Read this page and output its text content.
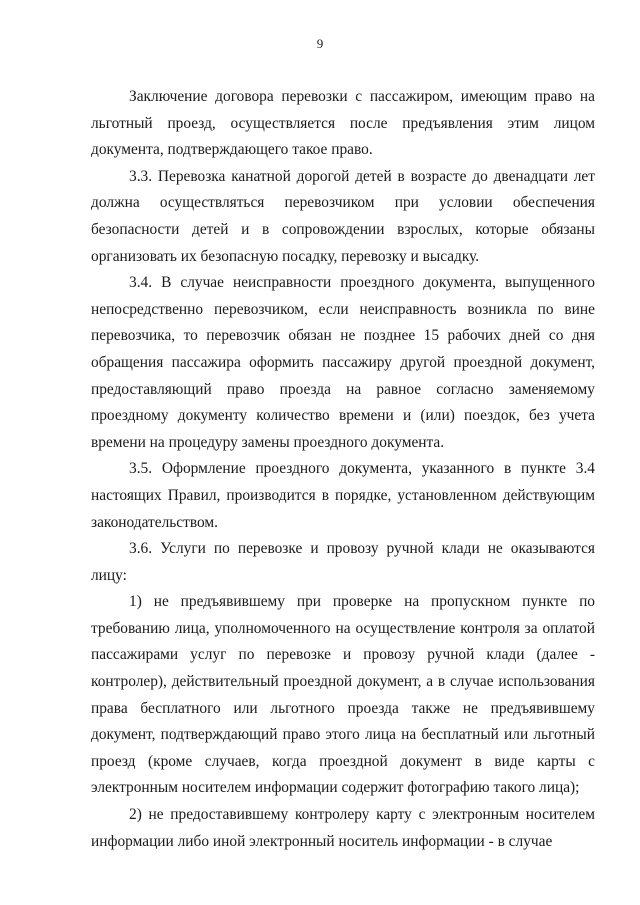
9

Заключение договора перевозки с пассажиром, имеющим право на льготный проезд, осуществляется после предъявления этим лицом документа, подтверждающего такое право.

3.3. Перевозка канатной дорогой детей в возрасте до двенадцати лет должна осуществляться перевозчиком при условии обеспечения безопасности детей и в сопровождении взрослых, которые обязаны организовать их безопасную посадку, перевозку и высадку.

3.4. В случае неисправности проездного документа, выпущенного непосредственно перевозчиком, если неисправность возникла по вине перевозчика, то перевозчик обязан не позднее 15 рабочих дней со дня обращения пассажира оформить пассажиру другой проездной документ, предоставляющий право проезда на равное согласно заменяемому проездному документу количество времени и (или) поездок, без учета времени на процедуру замены проездного документа.

3.5. Оформление проездного документа, указанного в пункте 3.4 настоящих Правил, производится в порядке, установленном действующим законодательством.

3.6. Услуги по перевозке и провозу ручной клади не оказываются лицу:

1) не предъявившему при проверке на пропускном пункте по требованию лица, уполномоченного на осуществление контроля за оплатой пассажирами услуг по перевозке и провозу ручной клади (далее - контролер), действительный проездной документ, а в случае использования права бесплатного или льготного проезда также не предъявившему документ, подтверждающий право этого лица на бесплатный или льготный проезд (кроме случаев, когда проездной документ в виде карты с электронным носителем информации содержит фотографию такого лица);

2) не предоставившему контролеру карту с электронным носителем информации либо иной электронный носитель информации - в случае
